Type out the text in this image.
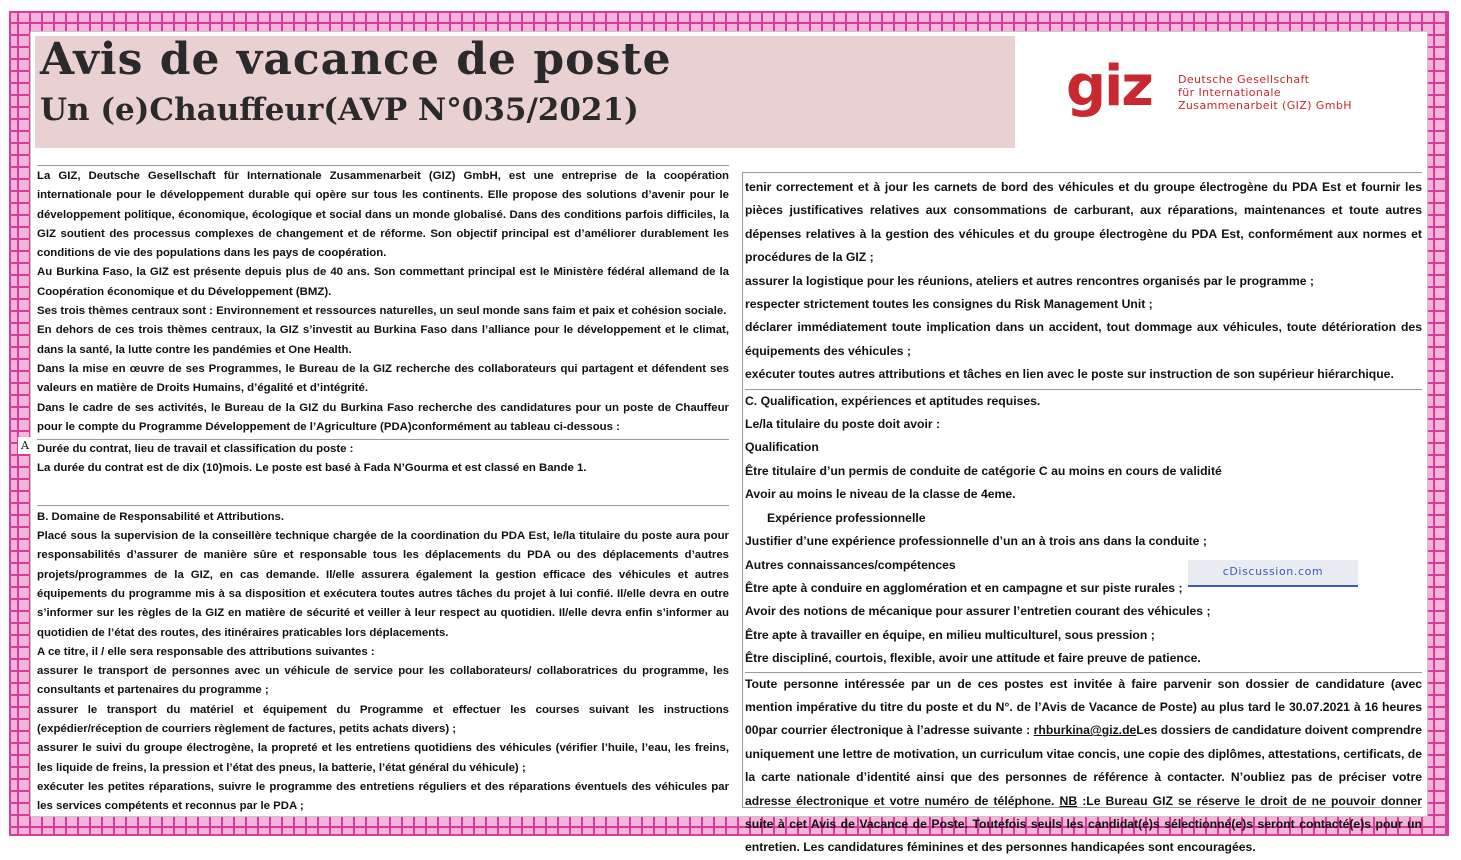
Avis de vacance de poste
Un (e)Chauffeur(AVP N°035/2021)	giz Deutsche Gesellschaft
für Internationale
Zusammenarbeit (GIZ) GmbH
A

La GIZ, Deutsche Gesellschaft für Internationale Zusammenarbeit (GIZ) GmbH, est une entreprise de la coopération internationale pour le développement durable qui opère sur tous les continents. Elle propose des solutions d’avenir pour le développement politique, économique, écologique et social dans un monde globalisé. Dans des conditions parfois difficiles, la GIZ soutient des processus complexes de changement et de réforme. Son objectif principal est d’améliorer durablement les conditions de vie des populations dans les pays de coopération.

Au Burkina Faso, la GIZ est présente depuis plus de 40 ans. Son commettant principal est le Ministère fédéral allemand de la Coopération économique et du Développement (BMZ).

Ses trois thèmes centraux sont : Environnement et ressources naturelles, un seul monde sans faim et paix et cohésion sociale.

En dehors de ces trois thèmes centraux, la GIZ s’investit au Burkina Faso dans l’alliance pour le développement et le climat, dans la santé, la lutte contre les pandémies et One Health.

Dans la mise en œuvre de ses Programmes, le Bureau de la GIZ recherche des collaborateurs qui partagent et défendent ses valeurs en matière de Droits Humains, d’égalité et d’intégrité.

Dans le cadre de ses activités, le Bureau de la GIZ du Burkina Faso recherche des candidatures pour un poste de Chauffeur pour le compte du Programme Développement de l’Agriculture (PDA)conformément au tableau ci-dessous :

Durée du contrat, lieu de travail et classification du poste :

La durée du contrat est de dix (10)mois. Le poste est basé à Fada N’Gourma et est classé en Bande 1.

B. Domaine de Responsabilité et Attributions.

Placé sous la supervision de la conseillère technique chargée de la coordination du PDA Est, le/la titulaire du poste aura pour responsabilités d’assurer de manière sûre et responsable tous les déplacements du PDA ou des déplacements d’autres projets/programmes de la GIZ, en cas demande. Il/elle assurera également la gestion efficace des véhicules et autres équipements du programme mis à sa disposition et exécutera toutes autres tâches du projet à lui confié. Il/elle devra en outre s’informer sur les règles de la GIZ en matière de sécurité et veiller à leur respect au quotidien. Il/elle devra enfin s’informer au quotidien de l’état des routes, des itinéraires praticables lors déplacements.

A ce titre, il / elle sera responsable des attributions suivantes :

assurer le transport de personnes avec un véhicule de service pour les collaborateurs/ collaboratrices du programme, les consultants et partenaires du programme ;

assurer le transport du matériel et équipement du Programme et effectuer les courses suivant les instructions (expédier/réception de courriers règlement de factures, petits achats divers) ;

assurer le suivi du groupe électrogène, la propreté et les entretiens quotidiens des véhicules (vérifier l’huile, l’eau, les freins, les liquide de freins, la pression et l’état des pneus, la batterie, l’état général du véhicule) ;

exécuter les petites réparations, suivre le programme des entretiens réguliers et des réparations éventuels des véhicules par les services compétents et reconnus par le PDA ;

tenir correctement et à jour les carnets de bord des véhicules et du groupe électrogène du PDA Est et fournir les pièces justificatives relatives aux consommations de carburant, aux réparations, maintenances et toute autres dépenses relatives à la gestion des véhicules et du groupe électrogène du PDA Est, conformément aux normes et procédures de la GIZ ;

assurer la logistique pour les réunions, ateliers et autres rencontres organisés par le programme ;

respecter strictement toutes les consignes du Risk Management Unit ;

déclarer immédiatement toute implication dans un accident, tout dommage aux véhicules, toute détérioration des équipements des véhicules ;

exécuter toutes autres attributions et tâches en lien avec le poste sur instruction de son supérieur hiérarchique.

C. Qualification, expériences et aptitudes requises.

Le/la titulaire du poste doit avoir :

Qualification

Être titulaire d’un permis de conduite de catégorie C au moins en cours de validité

Avoir au moins le niveau de la classe de 4eme.

Expérience professionnelle

Justifier d’une expérience professionnelle d’un an à trois ans dans la conduite ;

Autres connaissances/compétences

Être apte à conduire en agglomération et en campagne et sur piste rurales ;

Avoir des notions de mécanique pour assurer l’entretien courant des véhicules ;

Être apte à travailler en équipe, en milieu multiculturel, sous pression ;

Être discipliné, courtois, flexible, avoir une attitude et faire preuve de patience.

Toute personne intéressée par un de ces postes est invitée à faire parvenir son dossier de candidature (avec mention impérative du titre du poste et du N°. de l’Avis de Vacance de Poste) au plus tard le 30.07.2021 à 16 heures 00par courrier électronique à l’adresse suivante : rhburkina@giz.deLes dossiers de candidature doivent comprendre uniquement une lettre de motivation, un curriculum vitae concis, une copie des diplômes, attestations, certificats, de la carte nationale d’identité ainsi que des personnes de référence à contacter. N’oubliez pas de préciser votre adresse électronique et votre numéro de téléphone. NB :Le Bureau GIZ se réserve le droit de ne pouvoir donner suite à cet Avis de Vacance de Poste. Toutefois seuls les candidat(e)s sélectionné(e)s seront contacté(e)s pour un entretien. Les candidatures féminines et des personnes handicapées sont encouragées.

cDiscussion.com
